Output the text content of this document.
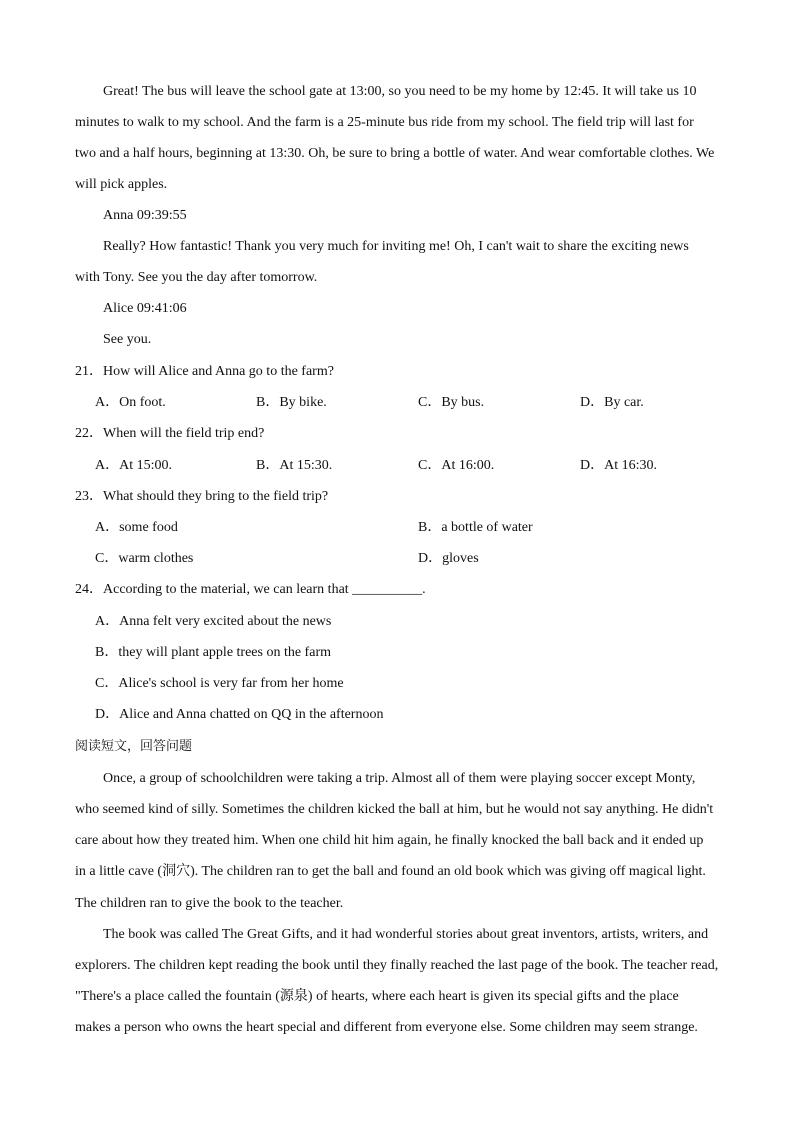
Great! The bus will leave the school gate at 13:00, so you need to be my home by 12:45. It will take us 10
minutes to walk to my school. And the farm is a 25-minute bus ride from my school. The field trip will last for
two and a half hours, beginning at 13:30. Oh, be sure to bring a bottle of water. And wear comfortable clothes. We
will pick apples.
Anna 09:39:55
Really? How fantastic! Thank you very much for inviting me! Oh, I can't wait to share the exciting news
with Tony. See you the day after tomorrow.
Alice 09:41:06
See you.
21．How will Alice and Anna go to the farm?
A．On foot.	B．By bike.	C．By bus.	D．By car.
22．When will the field trip end?
A．At 15:00.	B．At 15:30.	C．At 16:00.	D．At 16:30.
23．What should they bring to the field trip?
A．some food	B．a bottle of water
C．warm clothes	D．gloves
24．According to the material, we can learn that __________.
A．Anna felt very excited about the news
B．they will plant apple trees on the farm
C．Alice's school is very far from her home
D．Alice and Anna chatted on QQ in the afternoon
阅读短文，回答问题
Once, a group of schoolchildren were taking a trip. Almost all of them were playing soccer except Monty,
who seemed kind of silly. Sometimes the children kicked the ball at him, but he would not say anything. He didn't
care about how they treated him. When one child hit him again, he finally knocked the ball back and it ended up
in a little cave (洞穴). The children ran to get the ball and found an old book which was giving off magical light.
The children ran to give the book to the teacher.
The book was called The Great Gifts, and it had wonderful stories about great inventors, artists, writers, and
explorers. The children kept reading the book until they finally reached the last page of the book. The teacher read,
"There's a place called the fountain (源泉) of hearts, where each heart is given its special gifts and the place
makes a person who owns the heart special and different from everyone else. Some children may seem strange.
